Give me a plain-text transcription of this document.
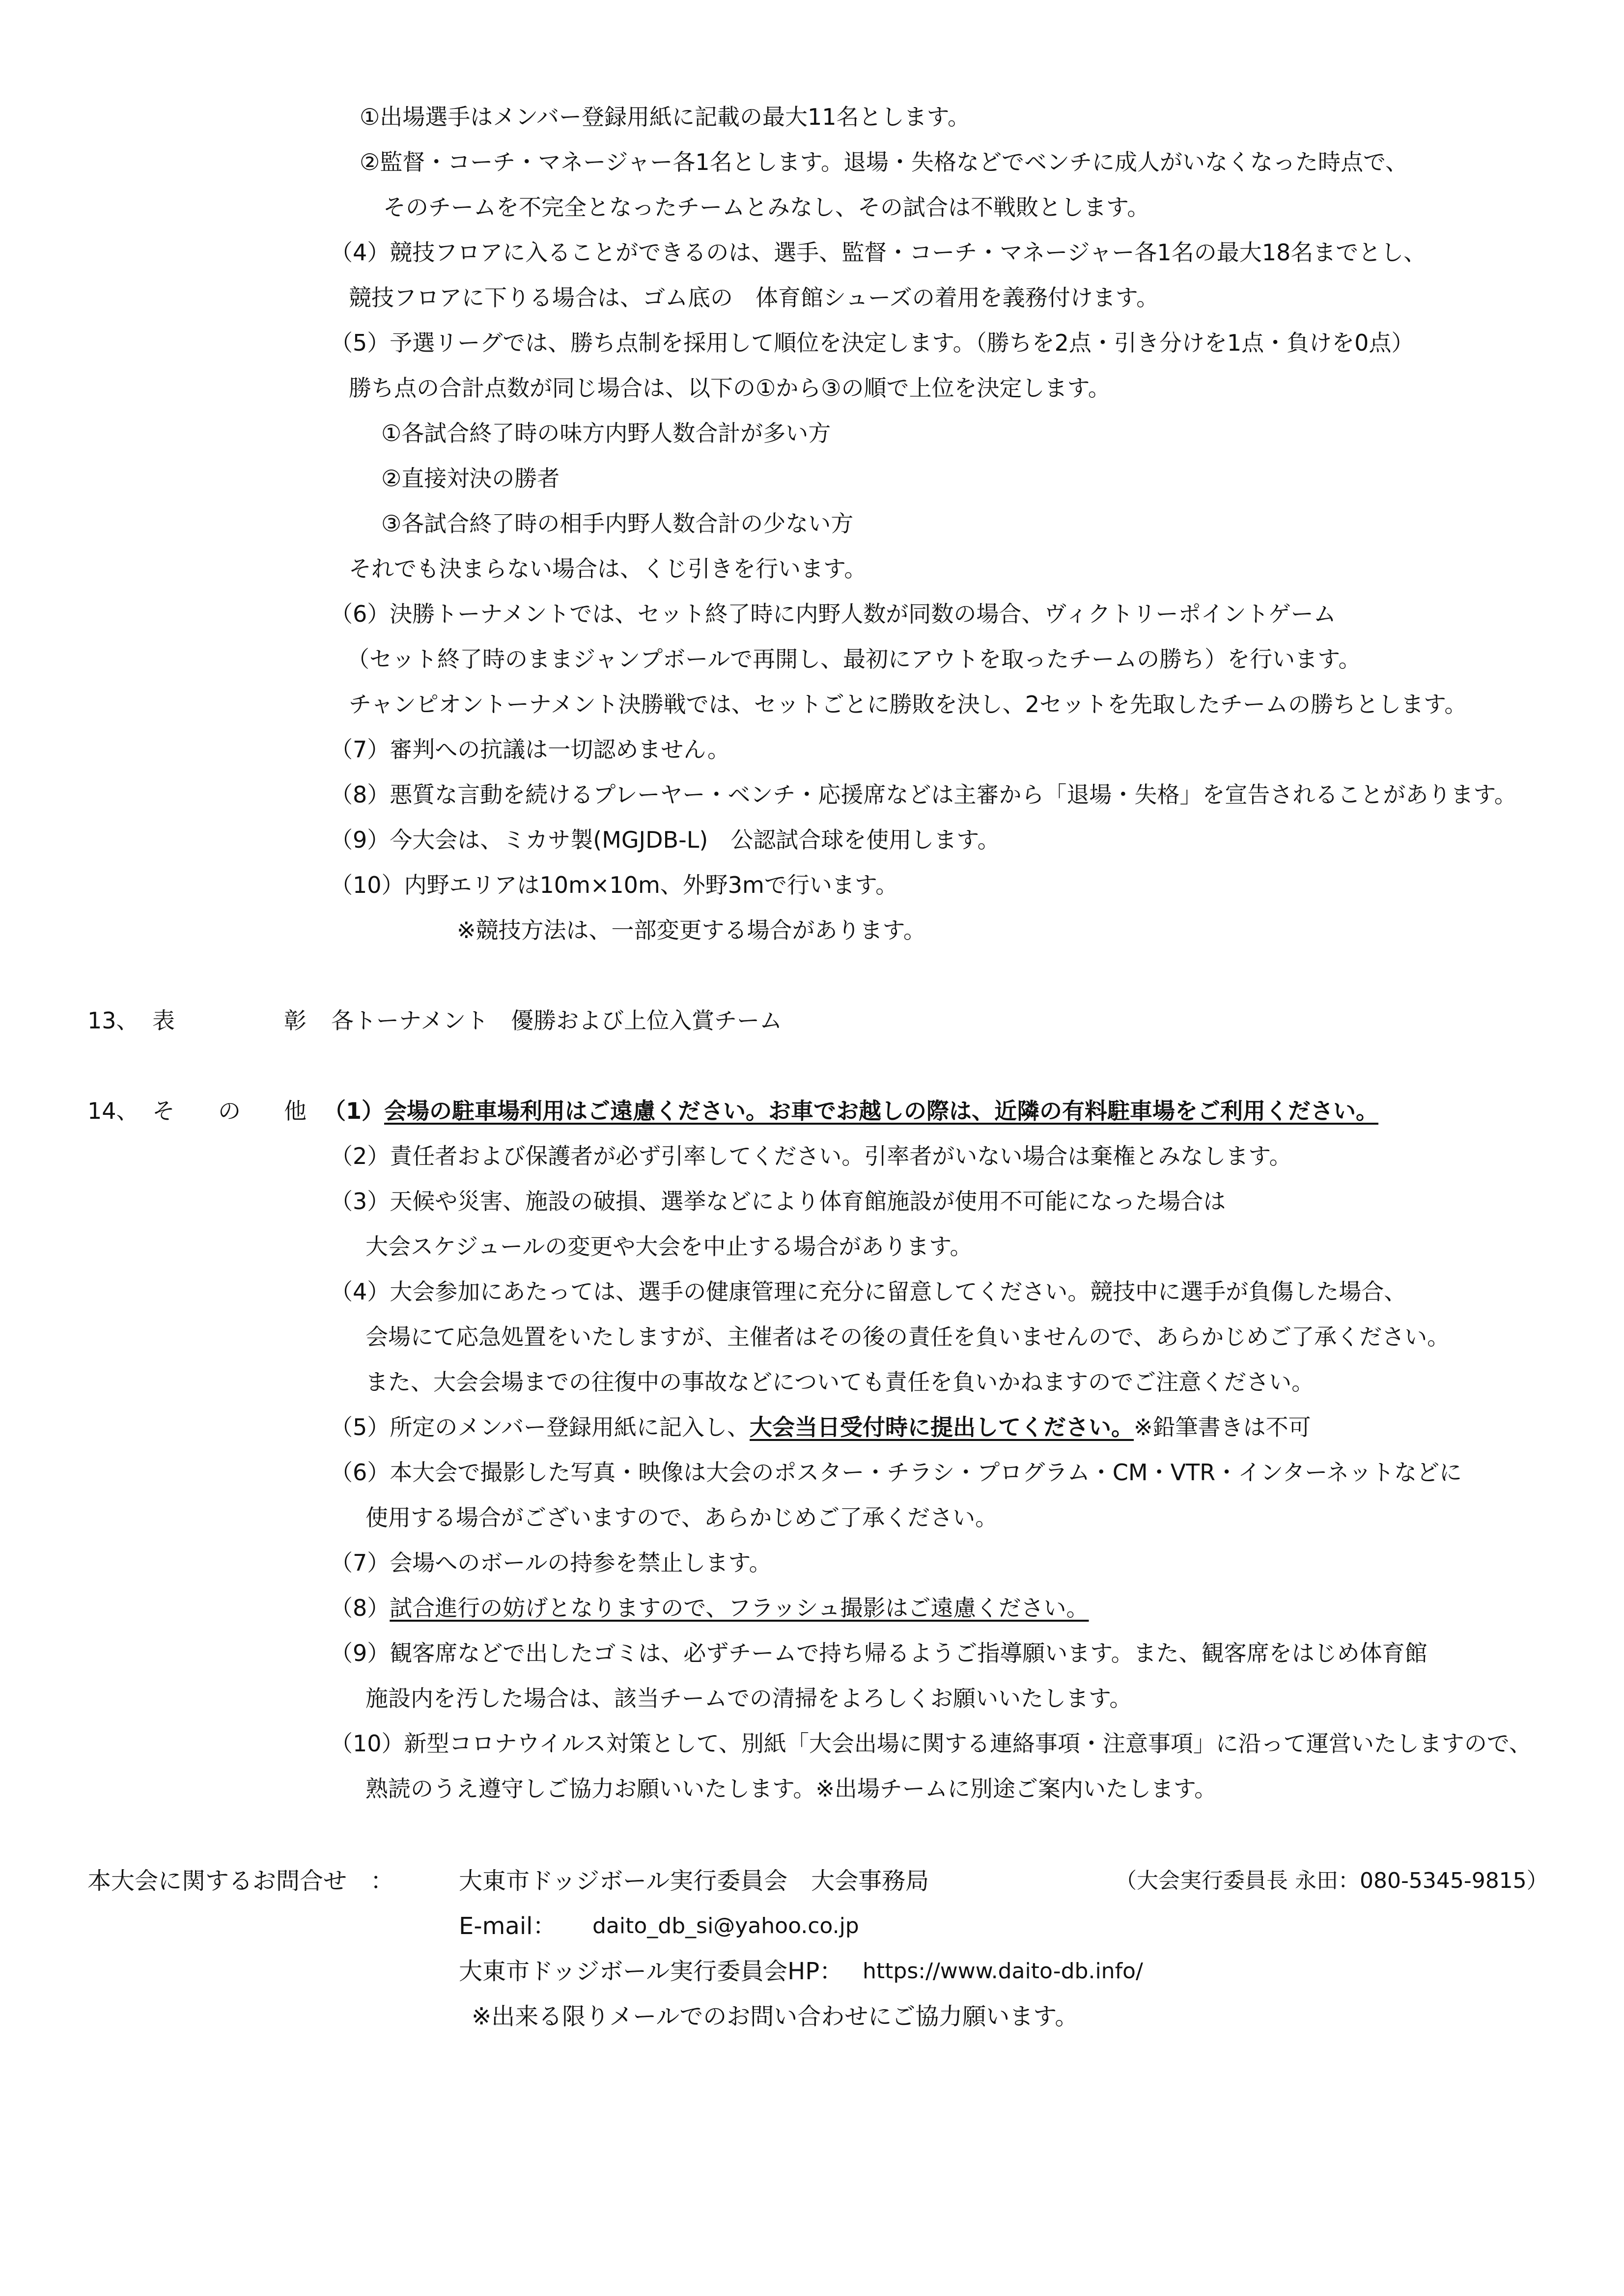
①出場選手はメンバー登録用紙に記載の最大11名とします。
②監督・コーチ・マネージャー各1名とします。退場・失格などでベンチに成人がいなくなった時点で、
そのチームを不完全となったチームとみなし、その試合は不戦敗とします。
（4）競技フロアに入ることができるのは、選手、監督・コーチ・マネージャー各1名の最大18名までとし、
競技フロアに下りる場合は、ゴム底の　体育館シューズの着用を義務付けます。
（5）予選リーグでは、勝ち点制を採用して順位を決定します。（勝ちを2点・引き分けを1点・負けを0点）
勝ち点の合計点数が同じ場合は、以下の①から③の順で上位を決定します。
①各試合終了時の味方内野人数合計が多い方
②直接対決の勝者
③各試合終了時の相手内野人数合計の少ない方
それでも決まらない場合は、くじ引きを行います。
（6）決勝トーナメントでは、セット終了時に内野人数が同数の場合、ヴィクトリーポイントゲーム
（セット終了時のままジャンプボールで再開し、最初にアウトを取ったチームの勝ち）を行います。
チャンピオントーナメント決勝戦では、セットごとに勝敗を決し、2セットを先取したチームの勝ちとします。
（7）審判への抗議は一切認めません。
（8）悪質な言動を続けるプレーヤー・ベンチ・応援席などは主審から「退場・失格」を宣告されることがあります。
（9）今大会は、ミカサ製(MGJDB-L)　公認試合球を使用します。
（10）内野エリアは10m×10m、外野3mで行います。
※競技方法は、一部変更する場合があります。
13、 表	彰 各トーナメント　優勝および上位入賞チーム
14、 そ の 他 （1）会場の駐車場利用はご遠慮ください。お車でお越しの際は、近隣の有料駐車場をご利用ください。
（2）責任者および保護者が必ず引率してください。引率者がいない場合は棄権とみなします。
（3）天候や災害、施設の破損、選挙などにより体育館施設が使用不可能になった場合は
大会スケジュールの変更や大会を中止する場合があります。
（4）大会参加にあたっては、選手の健康管理に充分に留意してください。競技中に選手が負傷した場合、
会場にて応急処置をいたしますが、主催者はその後の責任を負いませんので、あらかじめご了承ください。
また、大会会場までの往復中の事故などについても責任を負いかねますのでご注意ください。
（5）所定のメンバー登録用紙に記入し、大会当日受付時に提出してください。※鉛筆書きは不可
（6）本大会で撮影した写真・映像は大会のポスター・チラシ・プログラム・CM・VTR・インターネットなどに
使用する場合がございますので、あらかじめご了承ください。
（7）会場へのボールの持参を禁止します。
（8）試合進行の妨げとなりますので、フラッシュ撮影はご遠慮ください。
（9）観客席などで出したゴミは、必ずチームで持ち帰るようご指導願います。また、観客席をはじめ体育館
施設内を汚した場合は、該当チームでの清掃をよろしくお願いいたします。
（10）新型コロナウイルス対策として、別紙「大会出場に関する連絡事項・注意事項」に沿って運営いたしますので、
熟読のうえ遵守しご協力お願いいたします。※出場チームに別途ご案内いたします。
本大会に関するお問合せ　：	大東市ドッジボール実行委員会　大会事務局	（大会実行委員長 永田：080-5345-9815）
E-mail： daito_db_si@yahoo.co.jp
大東市ドッジボール実行委員会HP： https://www.daito-db.info/
※出来る限りメールでのお問い合わせにご協力願います。
